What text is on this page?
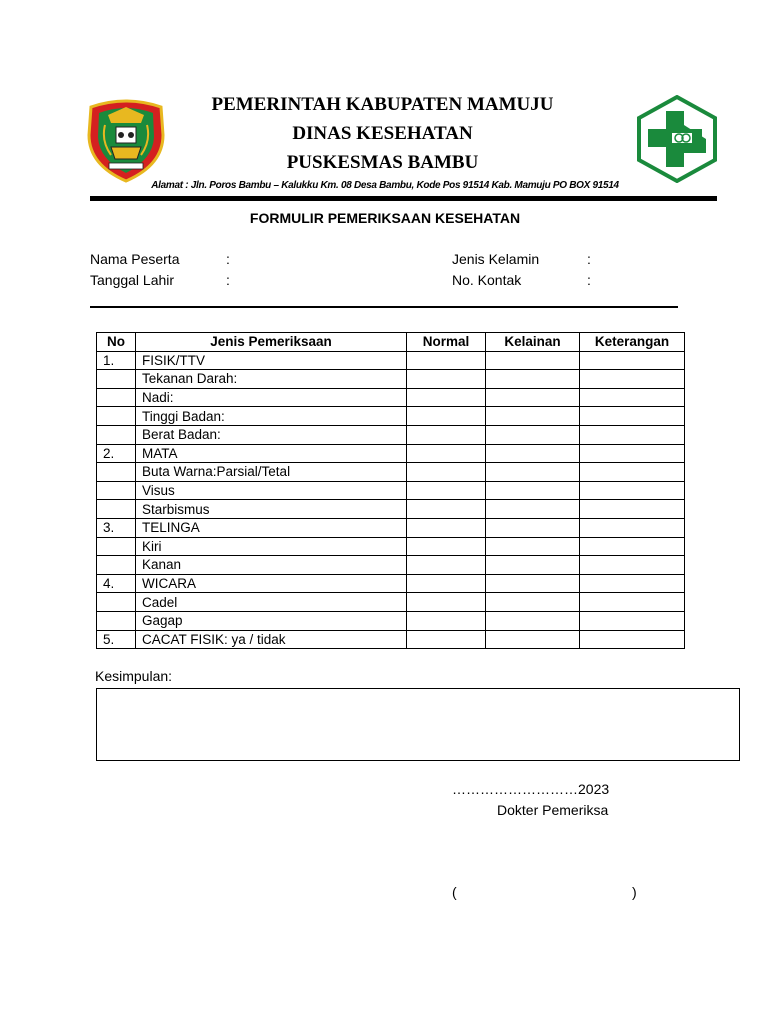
PEMERINTAH KABUPATEN MAMUJU
DINAS KESEHATAN
PUSKESMAS BAMBU
Alamat : Jln. Poros Bambu – Kalukku Km. 08 Desa Bambu, Kode Pos 91514 Kab. Mamuju PO BOX 91514
FORMULIR PEMERIKSAAN KESEHATAN
Nama Peserta	:
Tanggal Lahir	:
Jenis Kelamin	:
No. Kontak	:
No	Jenis Pemeriksaan	Normal	Kelainan	Keterangan
1.	FISIK/TTV			
	Tekanan Darah:			
	Nadi:			
	Tinggi Badan:			
	Berat Badan:			
2.	MATA			
	Buta Warna:Parsial/Tetal			
	Visus			
	Starbismus			
3.	TELINGA			
	Kiri			
	Kanan			
4.	WICARA			
	Cadel			
	Gagap			
5.	CACAT FISIK: ya / tidak			
Kesimpulan:
………………………2023
Dokter Pemeriksa
(	)
